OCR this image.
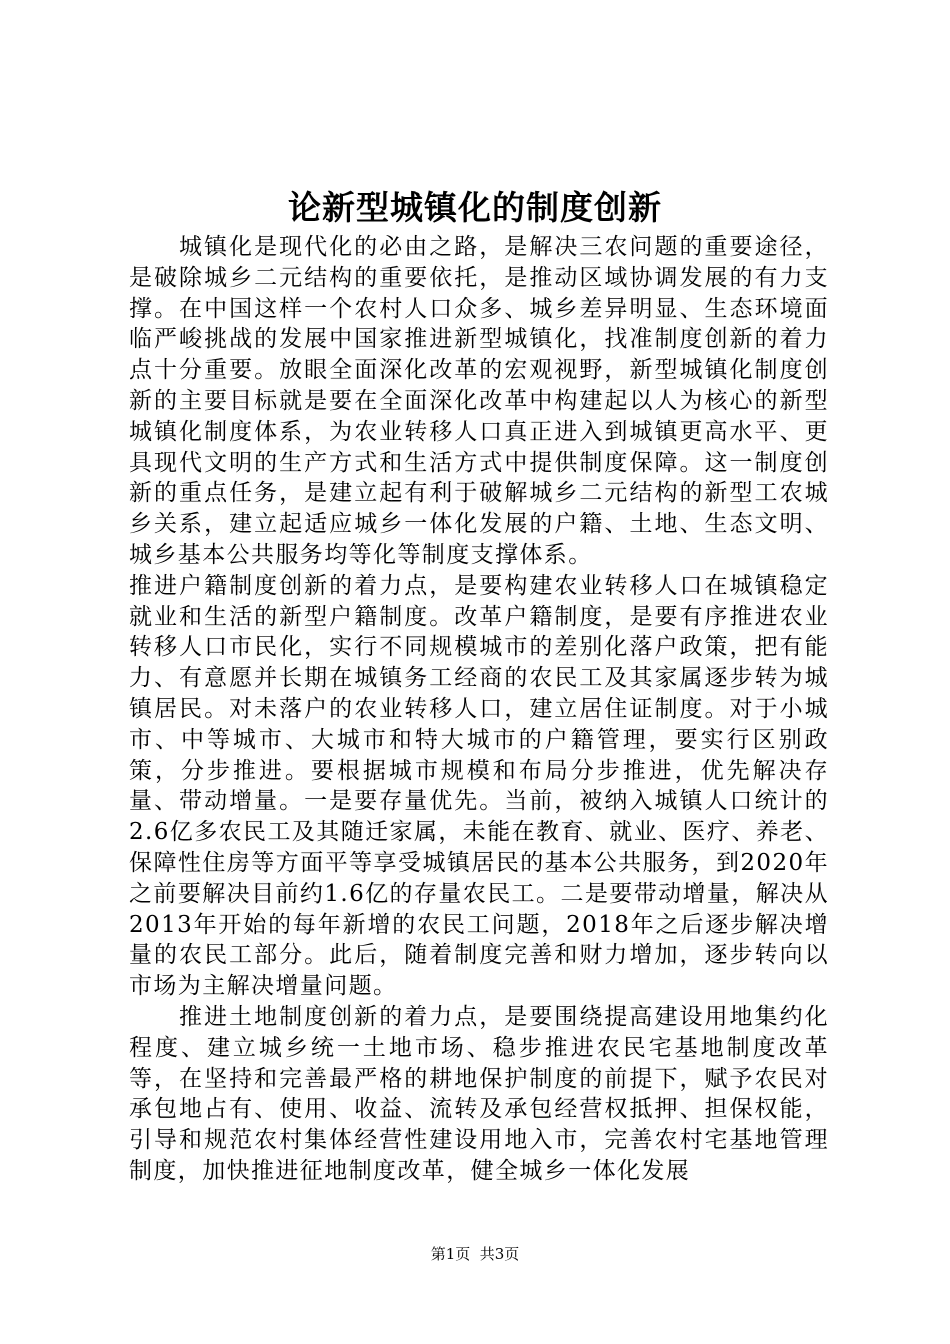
论新型城镇化的制度创新

城镇化是现代化的必由之路，是解决三农问题的重要途径，是破除城乡二元结构的重要依托，是推动区域协调发展的有力支撑。在中国这样一个农村人口众多、城乡差异明显、生态环境面临严峻挑战的发展中国家推进新型城镇化，找准制度创新的着力点十分重要。放眼全面深化改革的宏观视野，新型城镇化制度创新的主要目标就是要在全面深化改革中构建起以人为核心的新型城镇化制度体系，为农业转移人口真正进入到城镇更高水平、更具现代文明的生产方式和生活方式中提供制度保障。这一制度创新的重点任务，是建立起有利于破解城乡二元结构的新型工农城乡关系，建立起适应城乡一体化发展的户籍、土地、生态文明、城乡基本公共服务均等化等制度支撑体系。

推进户籍制度创新的着力点，是要构建农业转移人口在城镇稳定就业和生活的新型户籍制度。改革户籍制度，是要有序推进农业转移人口市民化，实行不同规模城市的差别化落户政策，把有能力、有意愿并长期在城镇务工经商的农民工及其家属逐步转为城镇居民。对未落户的农业转移人口，建立居住证制度。对于小城市、中等城市、大城市和特大城市的户籍管理，要实行区别政策，分步推进。要根据城市规模和布局分步推进，优先解决存量、带动增量。一是要存量优先。当前，被纳入城镇人口统计的2.6亿多农民工及其随迁家属，未能在教育、就业、医疗、养老、保障性住房等方面平等享受城镇居民的基本公共服务，到2020年之前要解决目前约1.6亿的存量农民工。二是要带动增量，解决从2013年开始的每年新增的农民工问题，2018年之后逐步解决增量的农民工部分。此后，随着制度完善和财力增加，逐步转向以市场为主解决增量问题。

推进土地制度创新的着力点，是要围绕提高建设用地集约化程度、建立城乡统一土地市场、稳步推进农民宅基地制度改革等，在坚持和完善最严格的耕地保护制度的前提下，赋予农民对承包地占有、使用、收益、流转及承包经营权抵押、担保权能，引导和规范农村集体经营性建设用地入市，完善农村宅基地管理制度，加快推进征地制度改革，健全城乡一体化发展

第1页  共3页
